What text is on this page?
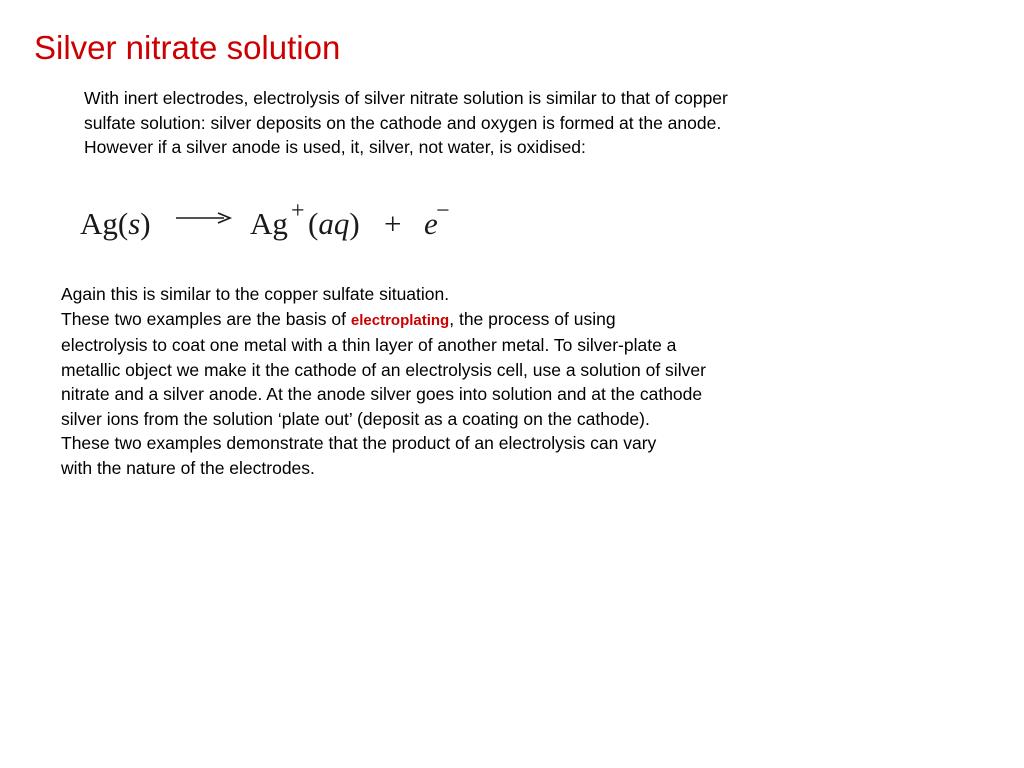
Silver nitrate solution
With inert electrodes, electrolysis of silver nitrate solution is similar to that of copper
sulfate solution: silver deposits on the cathode and oxygen is formed at the anode.
However if a silver anode is used, it, silver, not water, is oxidised:
Ag(s)	Ag + (aq) + e
−
Again this is similar to the copper sulfate situation.
These two examples are the basis of electroplating, the process of using
electrolysis to coat one metal with a thin layer of another metal. To silver-plate a
metallic object we make it the cathode of an electrolysis cell, use a solution of silver
nitrate and a silver anode. At the anode silver goes into solution and at the cathode
silver ions from the solution ‘plate out’ (deposit as a coating on the cathode).
These two examples demonstrate that the product of an electrolysis can vary
with the nature of the electrodes.
